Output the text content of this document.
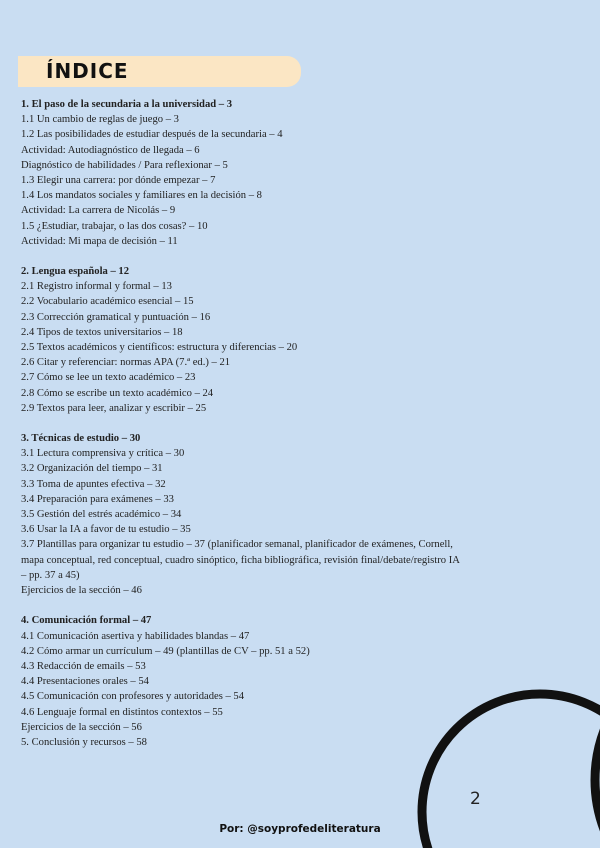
ÍNDICE
1. El paso de la secundaria a la universidad – 3
1.1 Un cambio de reglas de juego – 3
1.2 Las posibilidades de estudiar después de la secundaria – 4
Actividad: Autodiagnóstico de llegada – 6
Diagnóstico de habilidades / Para reflexionar – 5
1.3 Elegir una carrera: por dónde empezar – 7
1.4 Los mandatos sociales y familiares en la decisión – 8
Actividad: La carrera de Nicolás – 9
1.5 ¿Estudiar, trabajar, o las dos cosas? – 10
Actividad: Mi mapa de decisión – 11
2. Lengua española – 12
2.1 Registro informal y formal – 13
2.2 Vocabulario académico esencial – 15
2.3 Corrección gramatical y puntuación – 16
2.4 Tipos de textos universitarios – 18
2.5 Textos académicos y científicos: estructura y diferencias – 20
2.6 Citar y referenciar: normas APA (7.ª ed.) – 21
2.7 Cómo se lee un texto académico – 23
2.8 Cómo se escribe un texto académico – 24
2.9 Textos para leer, analizar y escribir – 25
3. Técnicas de estudio – 30
3.1 Lectura comprensiva y crítica – 30
3.2 Organización del tiempo – 31
3.3 Toma de apuntes efectiva – 32
3.4 Preparación para exámenes – 33
3.5 Gestión del estrés académico – 34
3.6 Usar la IA a favor de tu estudio – 35
3.7 Plantillas para organizar tu estudio – 37 (planificador semanal, planificador de exámenes, Cornell, mapa conceptual, red conceptual, cuadro sinóptico, ficha bibliográfica, revisión final/debate/registro IA – pp. 37 a 45)
Ejercicios de la sección – 46
4. Comunicación formal – 47
4.1 Comunicación asertiva y habilidades blandas – 47
4.2 Cómo armar un currículum – 49 (plantillas de CV – pp. 51 a 52)
4.3 Redacción de emails – 53
4.4 Presentaciones orales – 54
4.5 Comunicación con profesores y autoridades – 54
4.6 Lenguaje formal en distintos contextos – 55
Ejercicios de la sección – 56
5. Conclusión y recursos – 58
2
Por: @soyprofedeliteratura
